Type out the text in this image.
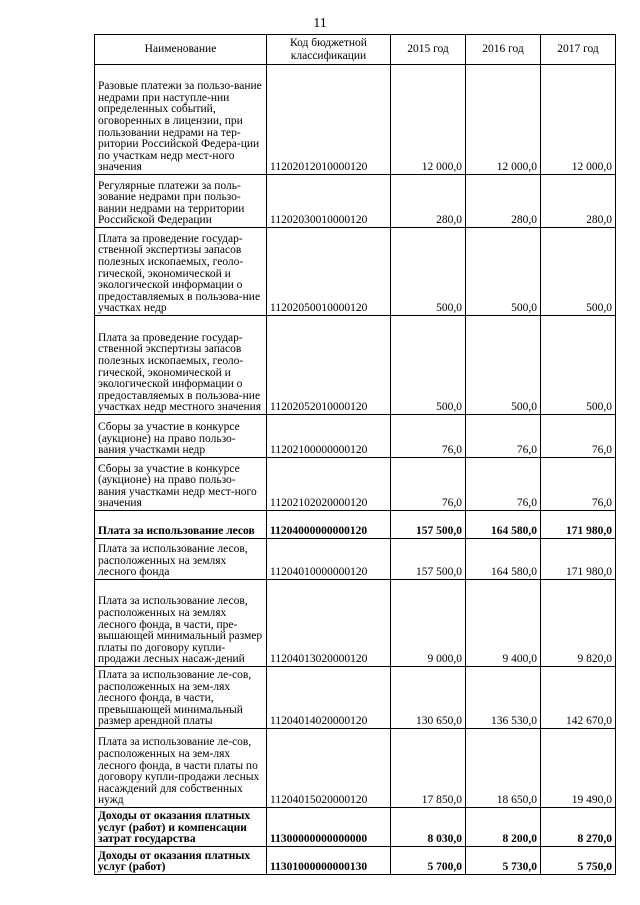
11
Наименование	Код бюджетной классификации	2015 год	2016 год	2017 год
Разовые платежи за пользо-вание недрами при наступле-нии определенных событий, оговоренных в лицензии, при пользовании недрами на тер-ритории Российской Федера-ции по участкам недр мест-ного значения	11202012010000120	12 000,0	12 000,0	12 000,0
Регулярные платежи за поль-зование недрами при пользо-вании недрами на территории Российской Федерации	11202030010000120	280,0	280,0	280,0
Плата за проведение государ-ственной экспертизы запасов полезных ископаемых, геоло-гической, экономической и экологической информации о предоставляемых в пользова-ние участках недр	11202050010000120	500,0	500,0	500,0
Плата за проведение государ-ственной экспертизы запасов полезных ископаемых, геоло-гической, экономической и экологической информации о предоставляемых в пользова-ние участках недр местного значения	11202052010000120	500,0	500,0	500,0
Сборы за участие в конкурсе (аукционе) на право пользо-вания участками недр	11202100000000120	76,0	76,0	76,0
Сборы за участие в конкурсе (аукционе) на право пользо-вания участками недр мест-ного значения	11202102020000120	76,0	76,0	76,0
Плата за использование лесов	11204000000000120	157 500,0	164 580,0	171 980,0
Плата за использование лесов, расположенных на землях лесного фонда	11204010000000120	157 500,0	164 580,0	171 980,0
Плата за использование лесов, расположенных на землях лесного фонда, в части, пре-вышающей минимальный размер платы по договору купли-продажи лесных насаж-дений	11204013020000120	9 000,0	9 400,0	9 820,0
Плата за использование ле-сов, расположенных на зем-лях лесного фонда, в части, превышающей минимальный размер арендной платы	11204014020000120	130 650,0	136 530,0	142 670,0
Плата за использование ле-сов, расположенных на зем-лях лесного фонда, в части платы по договору купли-продажи лесных насаждений для собственных нужд	11204015020000120	17 850,0	18 650,0	19 490,0
Доходы от оказания платных услуг (работ) и компенсации затрат государства	11300000000000000	8 030,0	8 200,0	8 270,0
Доходы от оказания платных услуг (работ)	11301000000000130	5 700,0	5 730,0	5 750,0
